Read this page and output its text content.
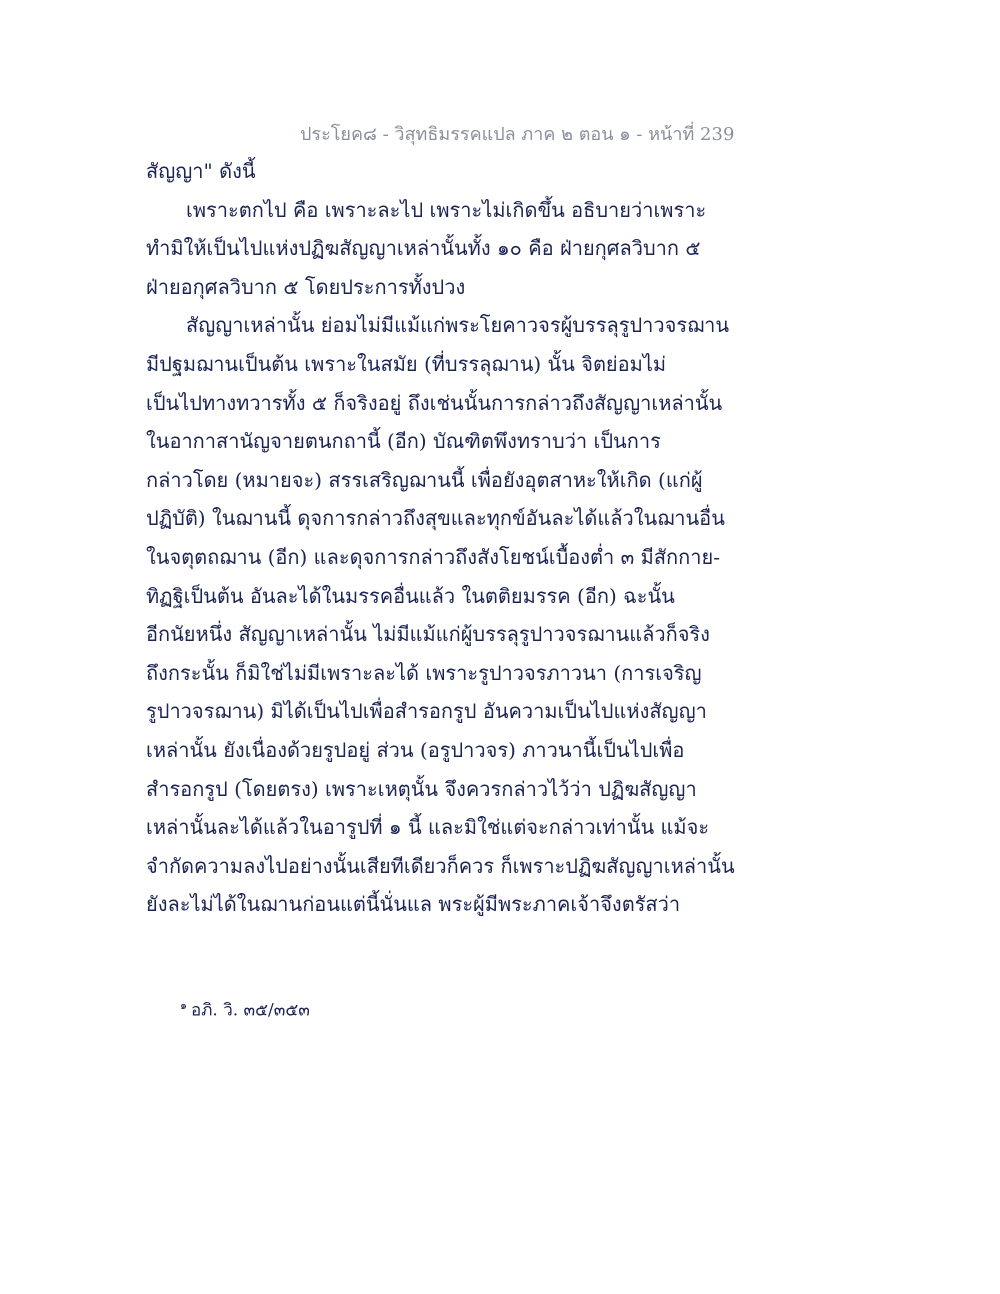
ประโยค๘ - วิสุทธิมรรคแปล ภาค ๒ ตอน ๑ - หน้าที่ 239
สัญญา" ดังนี้
เพราะตกไป คือ เพราะละไป เพราะไม่เกิดขึ้น อธิบายว่าเพราะ
ทำมิให้เป็นไปแห่งปฏิฆสัญญาเหล่านั้นทั้ง ๑๐ คือ ฝ่ายกุศลวิบาก ๕
ฝ่ายอกุศลวิบาก ๕ โดยประการทั้งปวง
สัญญาเหล่านั้น ย่อมไม่มีแม้แก่พระโยคาวจรผู้บรรลุรูปาวจรฌาน
มีปฐมฌานเป็นต้น เพราะในสมัย (ที่บรรลุฌาน) นั้น จิตย่อมไม่
เป็นไปทางทวารทั้ง ๕ ก็จริงอยู่ ถึงเช่นนั้นการกล่าวถึงสัญญาเหล่านั้น
ในอากาสานัญจายตนกถานี้ (อีก) บัณฑิตพึงทราบว่า เป็นการ
กล่าวโดย (หมายจะ) สรรเสริญฌานนี้ เพื่อยังอุตสาหะให้เกิด (แก่ผู้
ปฏิบัติ) ในฌานนี้ ดุจการกล่าวถึงสุขและทุกข์อันละได้แล้วในฌานอื่น
ในจตุตถฌาน (อีก) และดุจการกล่าวถึงสังโยชน์เบื้องต่ำ ๓ มีสักกาย-
ทิฏฐิเป็นต้น อันละได้ในมรรคอื่นแล้ว ในตติยมรรค (อีก) ฉะนั้น
อีกนัยหนึ่ง สัญญาเหล่านั้น ไม่มีแม้แก่ผู้บรรลุรูปาวจรฌานแล้วก็จริง
ถึงกระนั้น ก็มิใช่ไม่มีเพราะละได้ เพราะรูปาวจรภาวนา (การเจริญ
รูปาวจรฌาน) มิได้เป็นไปเพื่อสำรอกรูป อันความเป็นไปแห่งสัญญา
เหล่านั้น ยังเนื่องด้วยรูปอยู่ ส่วน (อรูปาวจร) ภาวนานี้เป็นไปเพื่อ
สำรอกรูป (โดยตรง) เพราะเหตุนั้น จึงควรกล่าวไว้ว่า ปฏิฆสัญญา
เหล่านั้นละได้แล้วในอารูปที่ ๑ นี้ และมิใช่แต่จะกล่าวเท่านั้น แม้จะ
จำกัดความลงไปอย่างนั้นเสียทีเดียวก็ควร ก็เพราะปฏิฆสัญญาเหล่านั้น
ยังละไม่ได้ในฌานก่อนแต่นี้นั่นแล พระผู้มีพระภาคเจ้าจึงตรัสว่า
$^๑$ อภิ. วิ. ๓๕/๓๕๓
